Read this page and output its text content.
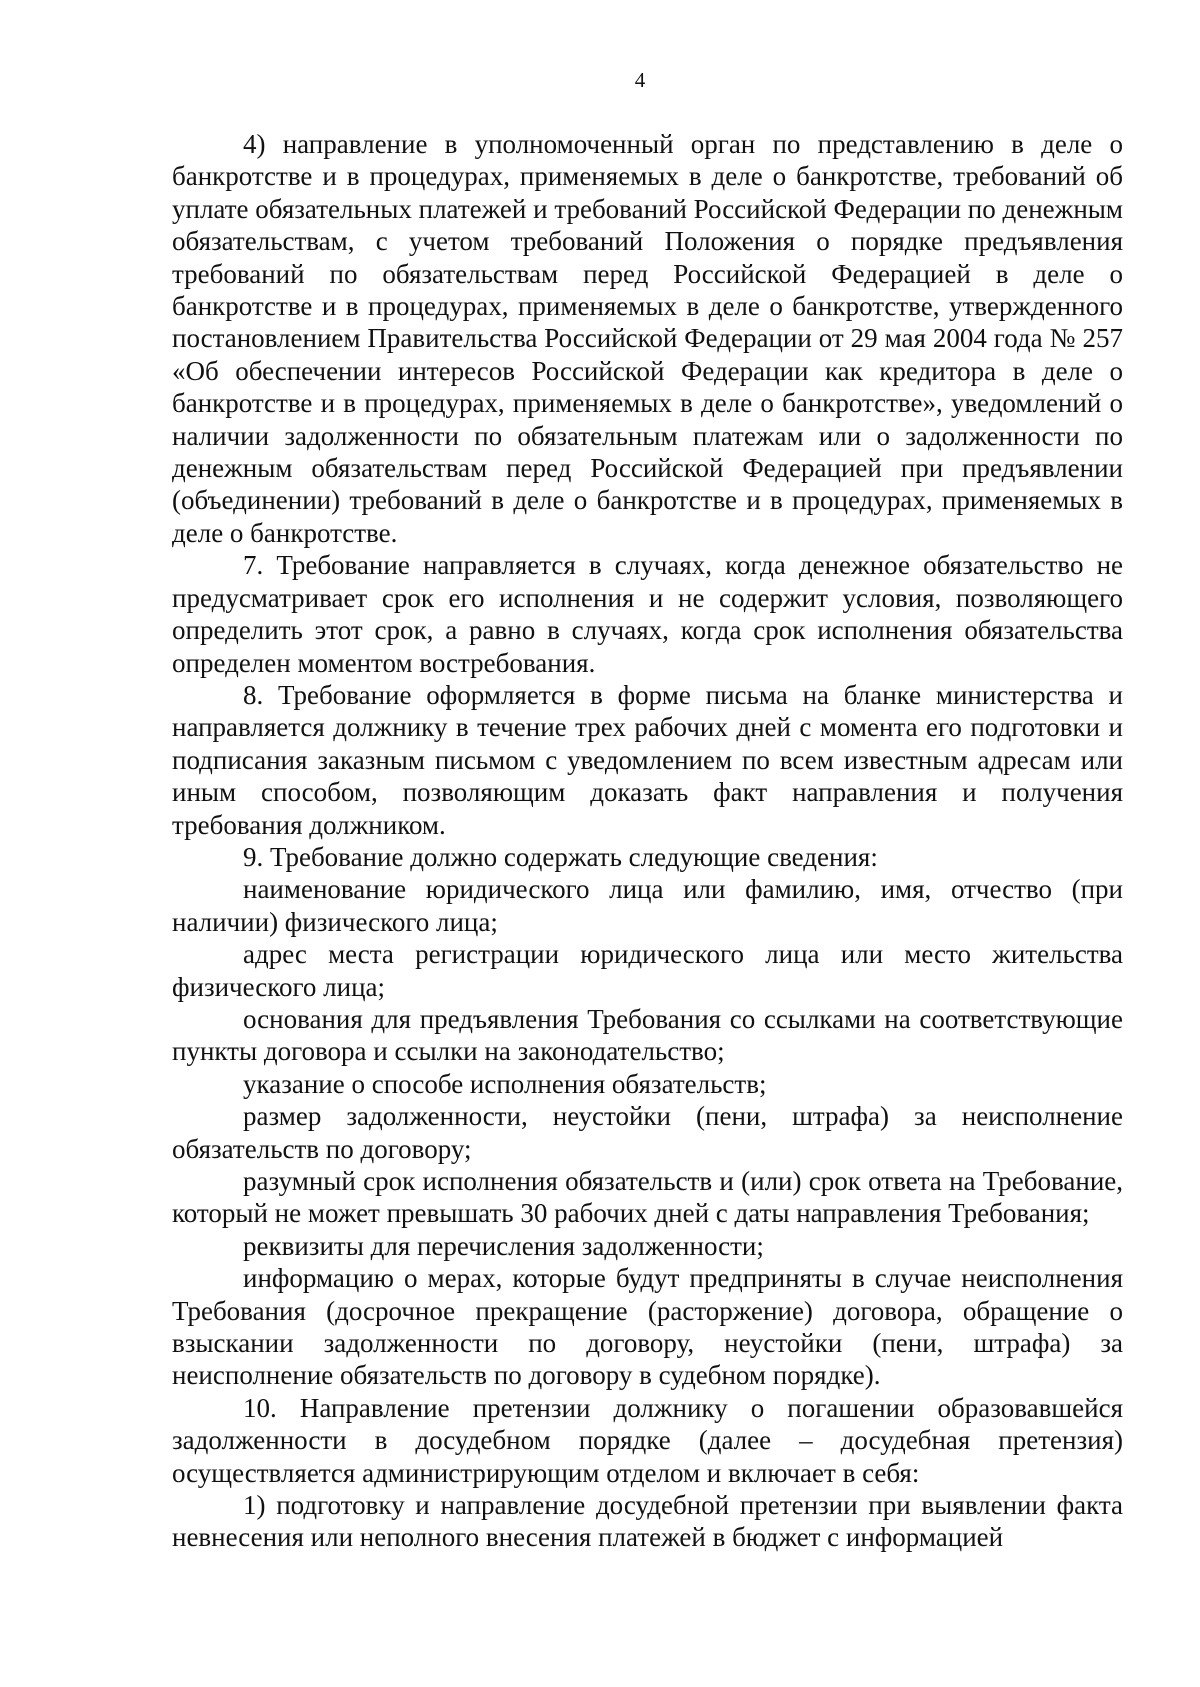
4

4) направление в уполномоченный орган по представлению в деле о банкротстве и в процедурах, применяемых в деле о банкротстве, требований об уплате обязательных платежей и требований Российской Федерации по денежным обязательствам, с учетом требований Положения о порядке предъявления требований по обязательствам перед Российской Федерацией в деле о банкротстве и в процедурах, применяемых в деле о банкротстве, утвержденного постановлением Правительства Российской Федерации от 29 мая 2004 года № 257 «Об обеспечении интересов Российской Федерации как кредитора в деле о банкротстве и в процедурах, применяемых в деле о банкротстве», уведомлений о наличии задолженности по обязательным платежам или о задолженности по денежным обязательствам перед Российской Федерацией при предъявлении (объединении) требований в деле о банкротстве и в процедурах, применяемых в деле о банкротстве.

7. Требование направляется в случаях, когда денежное обязательство не предусматривает срок его исполнения и не содержит условия, позволяющего определить этот срок, а равно в случаях, когда срок исполнения обязательства определен моментом востребования.

8. Требование оформляется в форме письма на бланке министерства и направляется должнику в течение трех рабочих дней с момента его подготовки и подписания заказным письмом с уведомлением по всем известным адресам или иным способом, позволяющим доказать факт направления и получения требования должником.

9. Требование должно содержать следующие сведения:

наименование юридического лица или фамилию, имя, отчество (при наличии) физического лица;

адрес места регистрации юридического лица или место жительства физического лица;

основания для предъявления Требования со ссылками на соответствующие пункты договора и ссылки на законодательство;

указание о способе исполнения обязательств;

размер задолженности, неустойки (пени, штрафа) за неисполнение обязательств по договору;

разумный срок исполнения обязательств и (или) срок ответа на Требование, который не может превышать 30 рабочих дней с даты направления Требования;

реквизиты для перечисления задолженности;

информацию о мерах, которые будут предприняты в случае неисполнения Требования (досрочное прекращение (расторжение) договора, обращение о взыскании задолженности по договору, неустойки (пени, штрафа) за неисполнение обязательств по договору в судебном порядке).

10. Направление претензии должнику о погашении образовавшейся задолженности в досудебном порядке (далее – досудебная претензия) осуществляется администрирующим отделом и включает в себя:

1) подготовку и направление досудебной претензии при выявлении факта невнесения или неполного внесения платежей в бюджет с информацией
